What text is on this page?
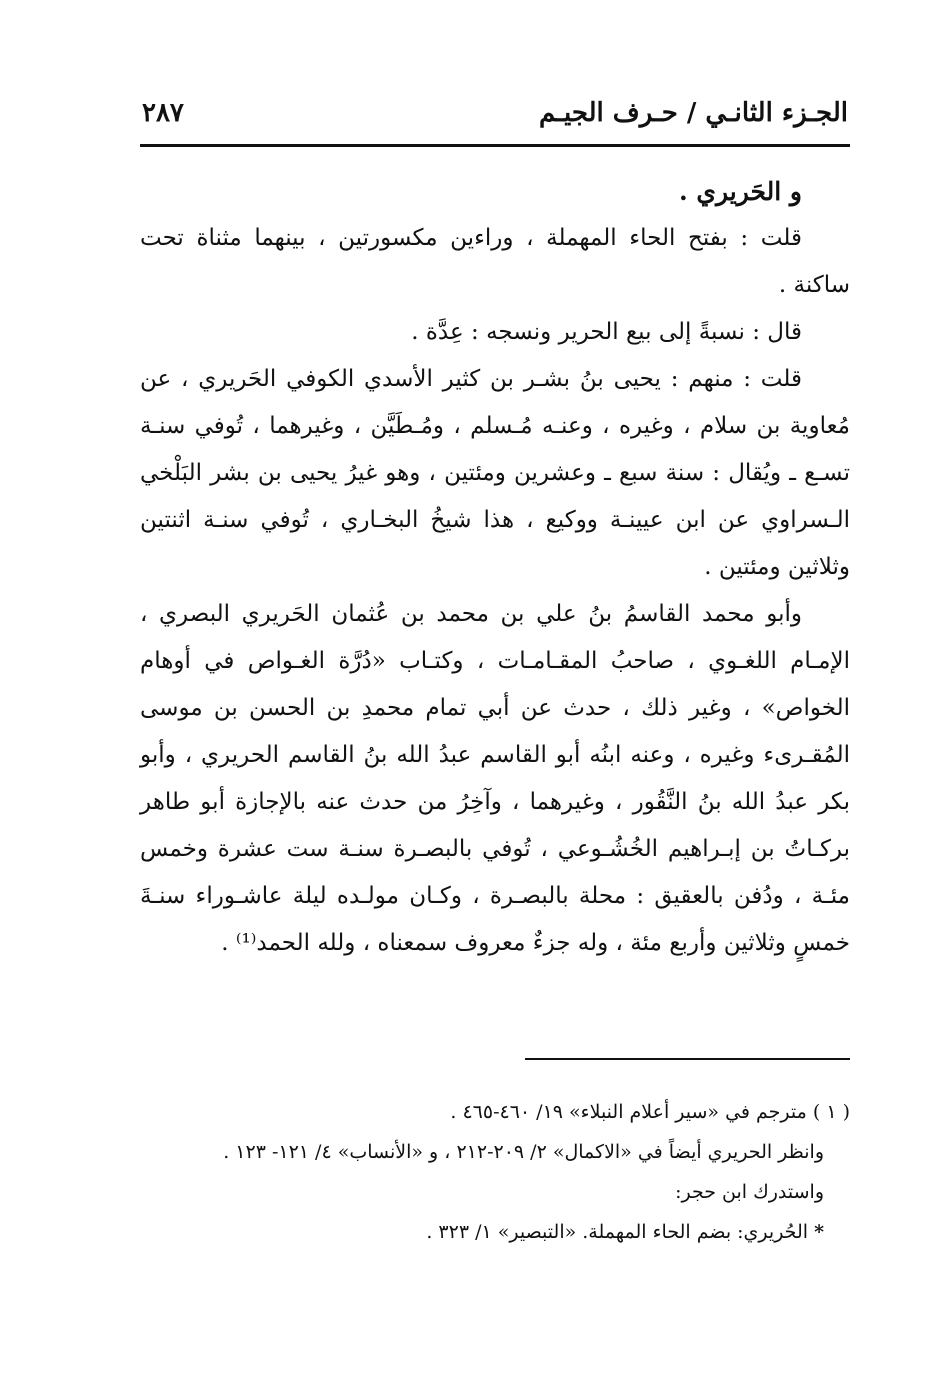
الجـزء الثانـي / حـرف الجيـم
٢٨٧

و الحَريري .

قلت : بفتح الحاء المهملة ، وراءين مكسورتين ، بينهما مثناة تحت ساكنة .

قال : نسبةً إلى بيع الحرير ونسجه : عِدَّة .

قلت : منهم : يحيى بنُ بشـر بن كثير الأسدي الكوفي الحَريري ، عن مُعاوية بن سلام ، وغيره ، وعنـه مُـسلم ، ومُـطَيَّن ، وغيرهما ، تُوفي سنـة تسـع ـ ويُقال : سنة سبع ـ وعشرين ومئتين ، وهو غيرُ يحيى بن بشر البَلْخي الـسراوي عن ابن عيينـة ووكيع ، هذا شيخُ البخـاري ، تُوفي سنـة اثنتين وثلاثين ومئتين .

وأبو محمد القاسمُ بنُ علي بن محمد بن عُثمان الحَريري البصري ، الإمـام اللغـوي ، صاحبُ المقـامـات ، وكتـاب «دُرَّة الغـواص في أوهام الخواص» ، وغير ذلك ، حدث عن أبي تمام محمدِ بن الحسن بن موسى المُقـرىء وغيره ، وعنه ابنُه أبو القاسم عبدُ الله بنُ القاسم الحريري ، وأبو بكر عبدُ الله بنُ النَّقُور ، وغيرهما ، وآخِرُ من حدث عنه بالإجازة أبو طاهر بركـاتُ بن إبـراهيم الخُشُـوعي ، تُوفي بالبصـرة سنـة ست عشرة وخمس مئـة ، ودُفن بالعقيق : محلة بالبصـرة ، وكـان مولـده ليلة عاشـوراء سنـةَ خمسٍ وثلاثين وأربع مئة ، وله جزءٌ معروف سمعناه ، ولله الحمد⁽¹⁾ .

( ١ ) مترجم في «سير أعلام النبلاء» ١٩/ ٤٦٠-٤٦٥ .

وانظر الحريري أيضاً في «الاكمال» ٢/ ٢٠٩-٢١٢ ، و «الأنساب» ٤/ ١٢١- ١٢٣ .

واستدرك ابن حجر:

* الحُريري: بضم الحاء المهملة. «التبصير» ١/ ٣٢٣ .
